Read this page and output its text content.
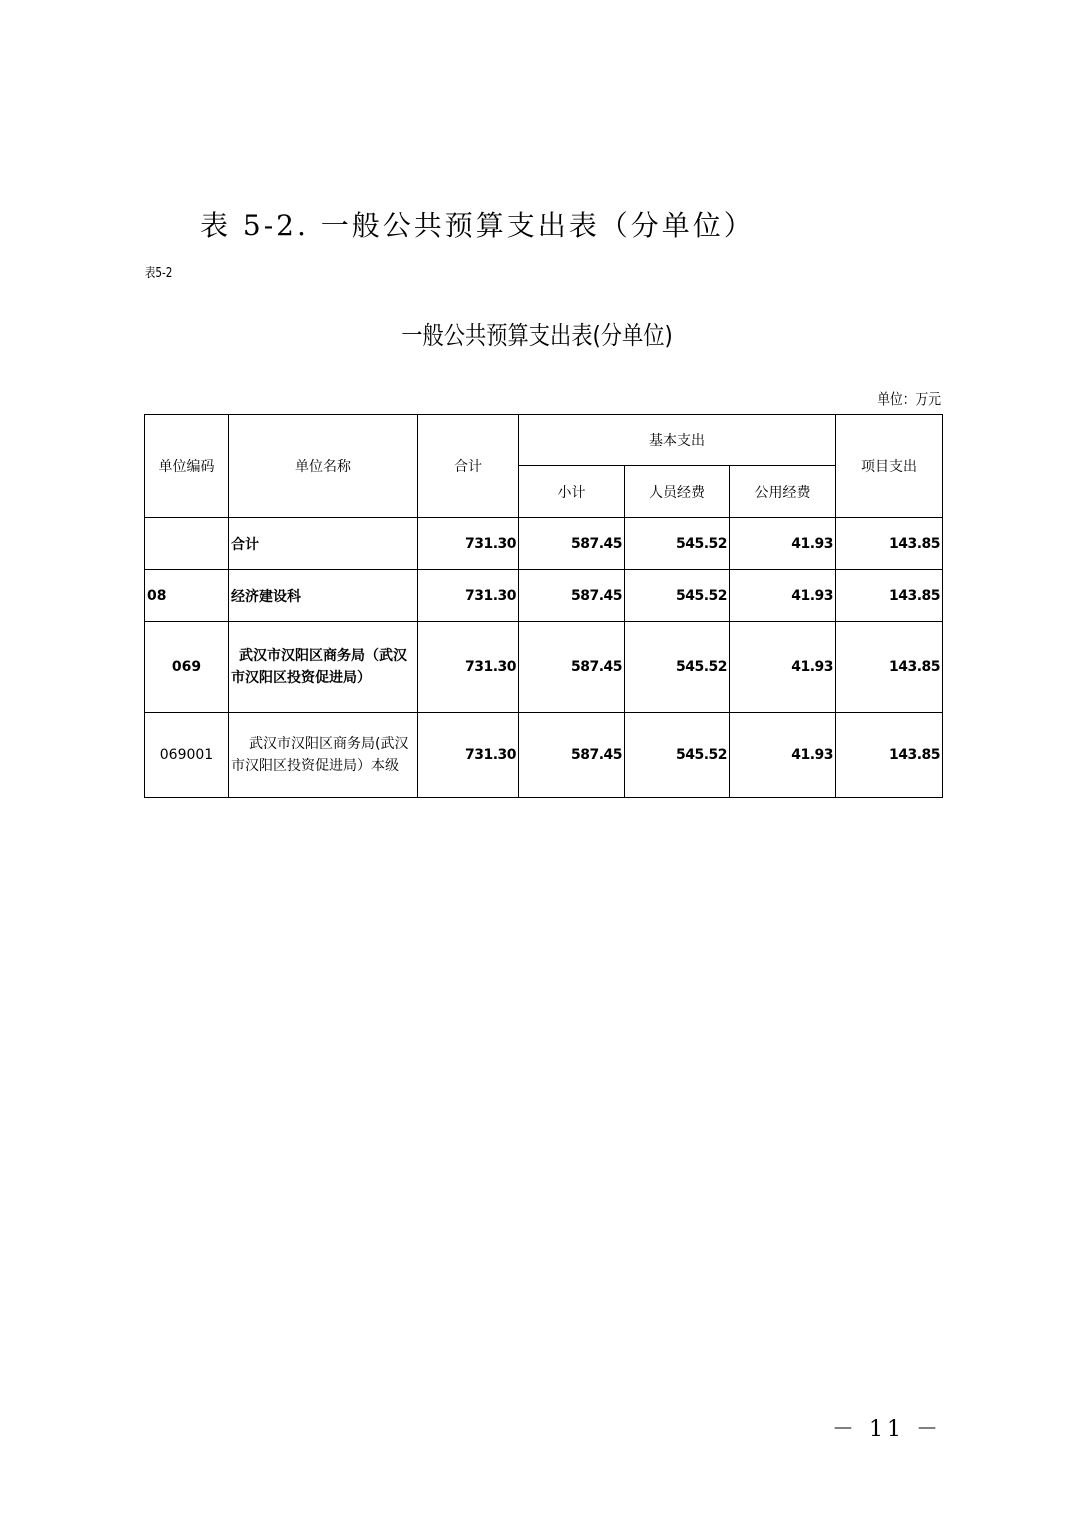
表 5-2. 一般公共预算支出表（分单位）
表5-2
一般公共预算支出表(分单位)
单位：万元
单位编码	单位名称	合计	基本支出			项目支出
			小计	人员经费	公用经费	
	合计	731.30	587.45	545.52	41.93	143.85
08	经济建设科	731.30	587.45	545.52	41.93	143.85
069	武汉市汉阳区商务局（武汉市汉阳区投资促进局）	731.30	587.45	545.52	41.93	143.85
069001	武汉市汉阳区商务局(武汉市汉阳区投资促进局）本级	731.30	587.45	545.52	41.93	143.85
－ 11 －
